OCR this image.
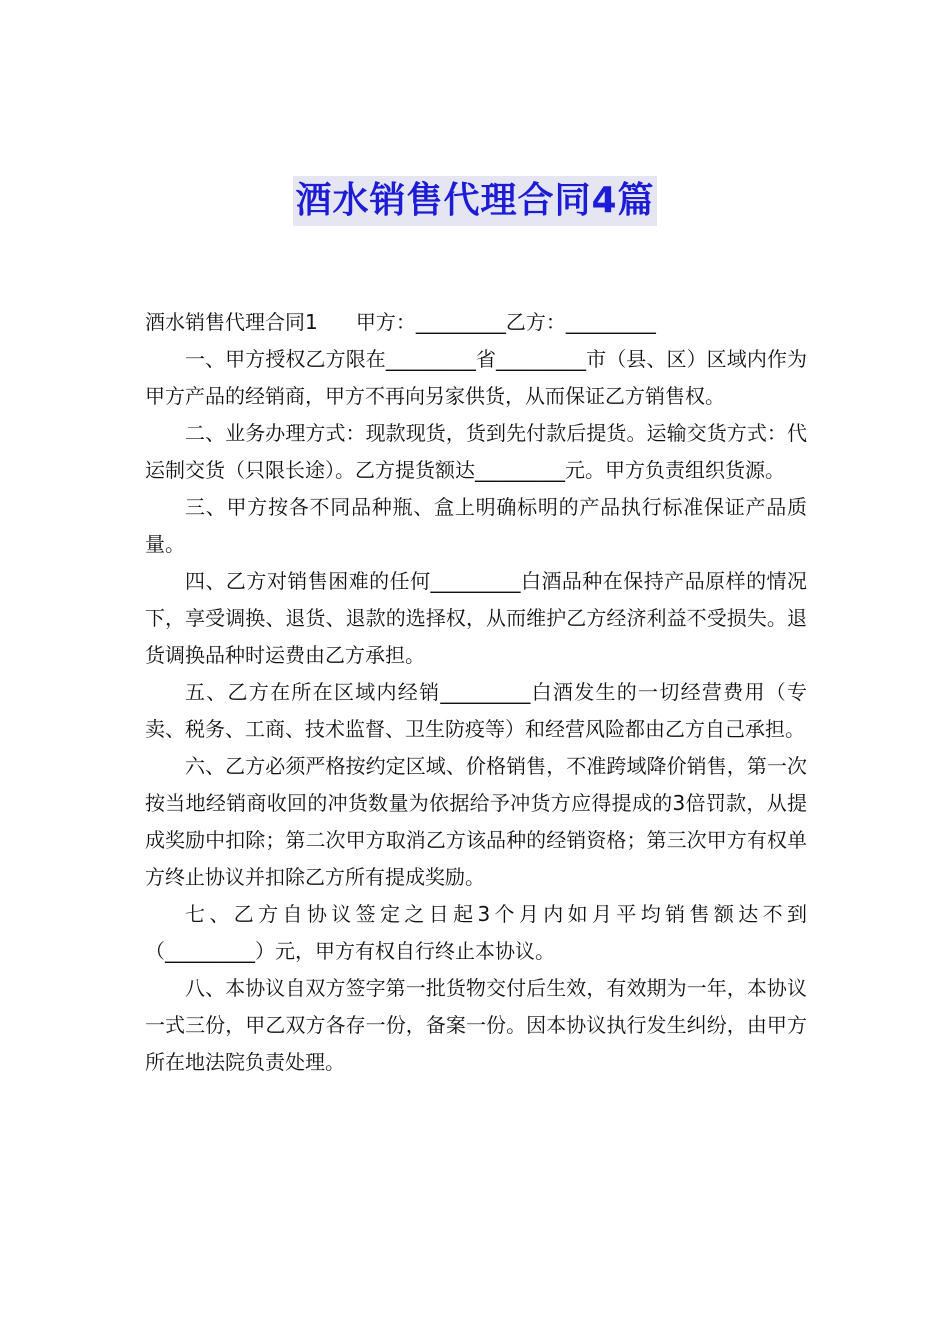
酒水销售代理合同4篇
酒水销售代理合同1      甲方：_________乙方：_________

一、甲方授权乙方限在_________省_________市（县、区）区域内作为甲方产品的经销商，甲方不再向另家供货，从而保证乙方销售权。

二、业务办理方式：现款现货，货到先付款后提货。运输交货方式：代运制交货（只限长途）。乙方提货额达_________元。甲方负责组织货源。

三、甲方按各不同品种瓶、盒上明确标明的产品执行标准保证产品质量。

四、乙方对销售困难的任何_________白酒品种在保持产品原样的情况下，享受调换、退货、退款的选择权，从而维护乙方经济利益不受损失。退货调换品种时运费由乙方承担。

五、乙方在所在区域内经销_________白酒发生的一切经营费用（专卖、税务、工商、技术监督、卫生防疫等）和经营风险都由乙方自己承担。

六、乙方必须严格按约定区域、价格销售，不准跨域降价销售，第一次按当地经销商收回的冲货数量为依据给予冲货方应得提成的3倍罚款，从提成奖励中扣除；第二次甲方取消乙方该品种的经销资格；第三次甲方有权单方终止协议并扣除乙方所有提成奖励。

七、乙方自协议签定之日起3个月内如月平均销售额达不到（_________）元，甲方有权自行终止本协议。

八、本协议自双方签字第一批货物交付后生效，有效期为一年，本协议一式三份，甲乙双方各存一份，备案一份。因本协议执行发生纠纷，由甲方所在地法院负责处理。
